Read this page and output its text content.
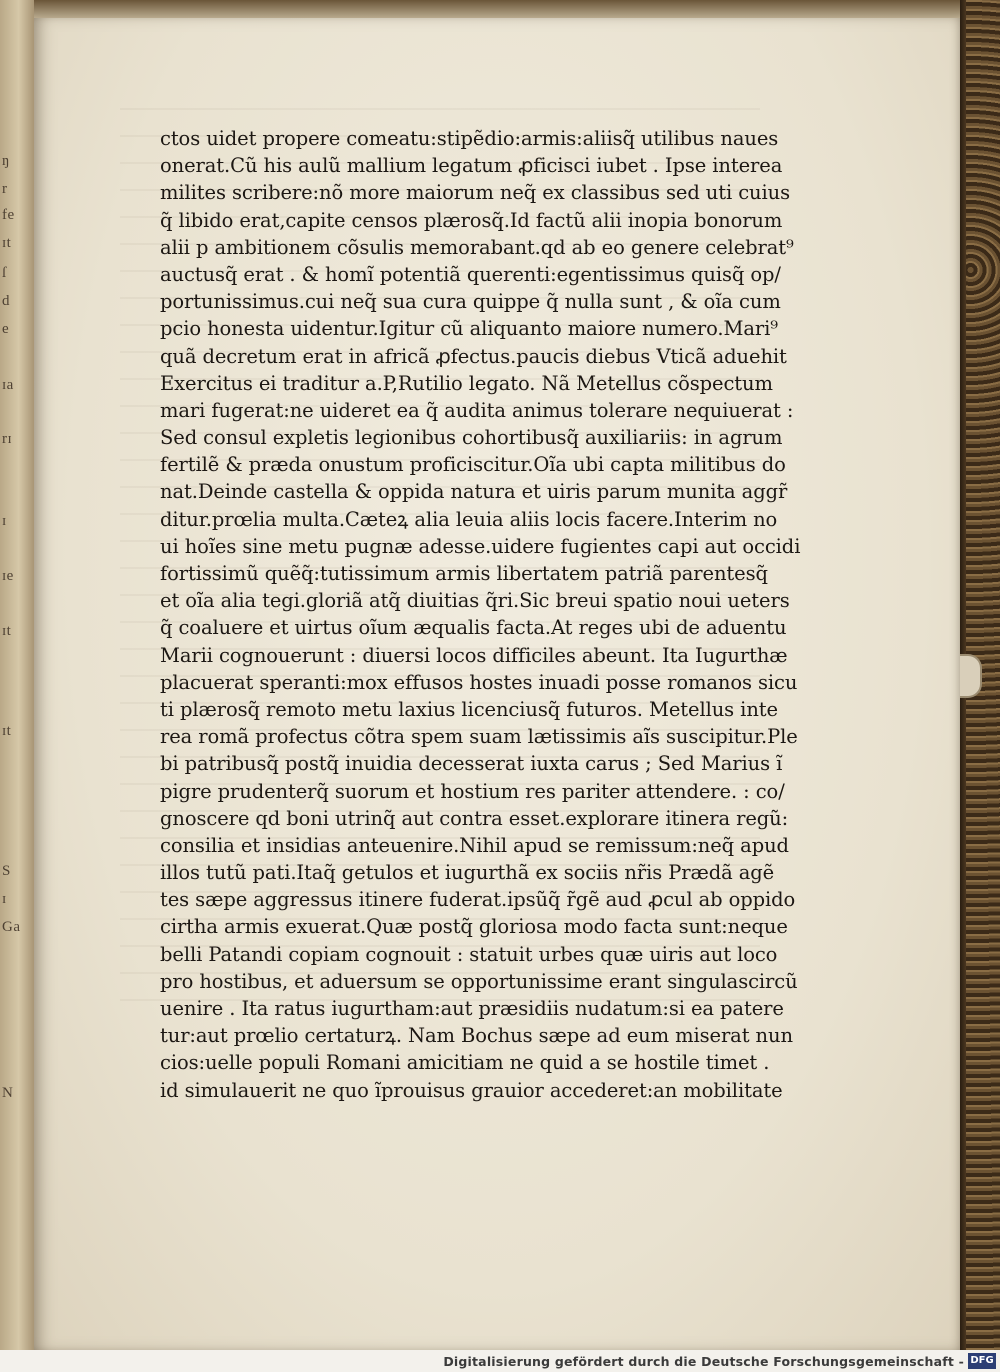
ŋ
r
fe
ɪt
ſ
d
e
ɪa
rɪ
ɪ
ɪe
ɪt
ɪt
S
ɪ
Ga
N
ctos uidet propere comeatu:stipẽdio:armis:aliisq̃ utilibus naues
onerat.Cũ his aulũ mallium legatum ꝓficisci iubet . Ipse interea
milites scribere:nõ more maiorum neq̃ ex classibus sed uti cuius
q̃ libido erat,capite censos plærosq̃.Id factũ alii inopia bonorum
alii p ambitionem cõsulis memorabant.qd ab eo genere celebrat⁹
auctusq̃ erat . & homĩ potentiã querenti:egentissimus quisq̃ op/
portunissimus.cui neq̃ sua cura quippe q̃ nulla sunt , & oĩa cum
pcio honesta uidentur.Igitur cũ aliquanto maiore numero.Mari⁹
quã decretum erat in africã ꝓfectus.paucis diebus Vticã aduehit
Exercitus ei traditur a.P,Rutilio legato. Nã Metellus cõspectum
mari fugerat:ne uideret ea q̃ audita animus tolerare nequiuerat :
Sed consul expletis legionibus cohortibusq̃ auxiliariis: in agrum
fertilẽ & præda onustum proficiscitur.Oĩa ubi capta militibus do
nat.Deinde castella & oppida natura et uiris parum munita aggr̃
ditur.prœlia multa.Cæteꝝ alia leuia aliis locis facere.Interim no
ui hoĩes sine metu pugnæ adesse.uidere fugientes capi aut occidi
fortissimũ quẽq̃:tutissimum armis libertatem patriã parentesq̃
et oĩa alia tegi.gloriã atq̃ diuitias q̃ri.Sic breui spatio noui ueters
q̃ coaluere et uirtus oĩum æqualis facta.At reges ubi de aduentu
Marii cognouerunt : diuersi locos difficiles abeunt. Ita Iugurthæ
placuerat speranti:mox effusos hostes inuadi posse romanos sicu
ti plærosq̃ remoto metu laxius licenciusq̃ futuros. Metellus inte
rea romã profectus cõtra spem suam lætissimis aĩs suscipitur.Ple
bi patribusq̃ postq̃ inuidia decesserat iuxta carus ; Sed Marius ĩ
pigre prudenterq̃ suorum et hostium res pariter attendere. : co/
gnoscere qd boni utrinq̃ aut contra esset.explorare itinera regũ:
consilia et insidias anteuenire.Nihil apud se remissum:neq̃ apud
illos tutũ pati.Itaq̃ getulos et iugurthã ex sociis nr̃is Prædã agẽ
tes sæpe aggressus itinere fuderat.ipsũq̃ r̃gẽ aud ꝓcul ab oppido
cirtha armis exuerat.Quæ postq̃ gloriosa modo facta sunt:neque
belli Patandi copiam cognouit : statuit urbes quæ uiris aut loco
pro hostibus, et aduersum se opportunissime erant singulascircũ
uenire . Ita ratus iugurtham:aut præsidiis nudatum:si ea patere
tur:aut prœlio certaturꝝ. Nam Bochus sæpe ad eum miserat nun
cios:uelle populi Romani amicitiam ne quid a se hostile timet .
id simulauerit ne quo ĩprouisus grauior accederet:an mobilitate
Digitalisierung gefördert durch die Deutsche Forschungsgemeinschaft - DFG
